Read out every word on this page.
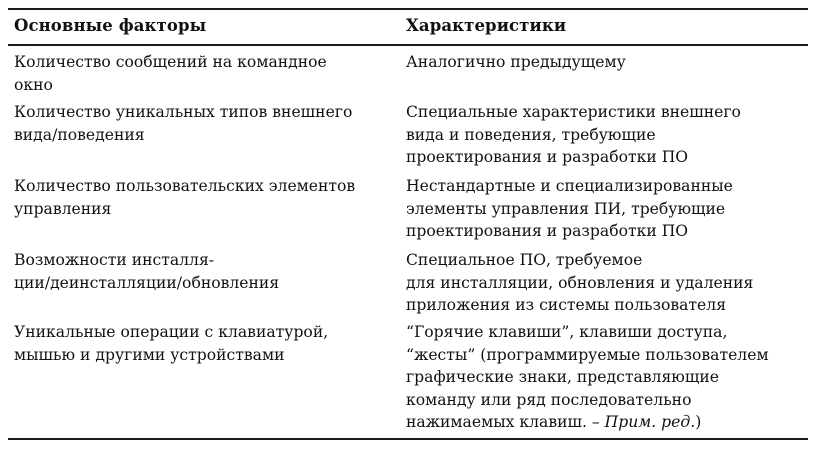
Основные факторы	Характеристики
Количество сообщений на командное
окно
Аналогично предыдущему
Количество уникальных типов внешнего
вида/поведения
Специальные характеристики внешнего
вида и поведения, требующие
проектирования и разработки ПО
Количество пользовательских элементов
управления
Нестандартные и специализированные
элементы управления ПИ, требующие
проектирования и разработки ПО
Возможности инсталля-
ции/деинсталляции/обновления
Специальное ПО, требуемое
для инсталляции, обновления и удаления
приложения из системы пользователя
Уникальные операции с клавиатурой,
мышью и другими устройствами
“Горячие клавиши”, клавиши доступа,
“жесты” (программируемые пользователем
графические знаки, представляющие
команду или ряд последовательно
нажимаемых клавиш. – Прим. ред.)
